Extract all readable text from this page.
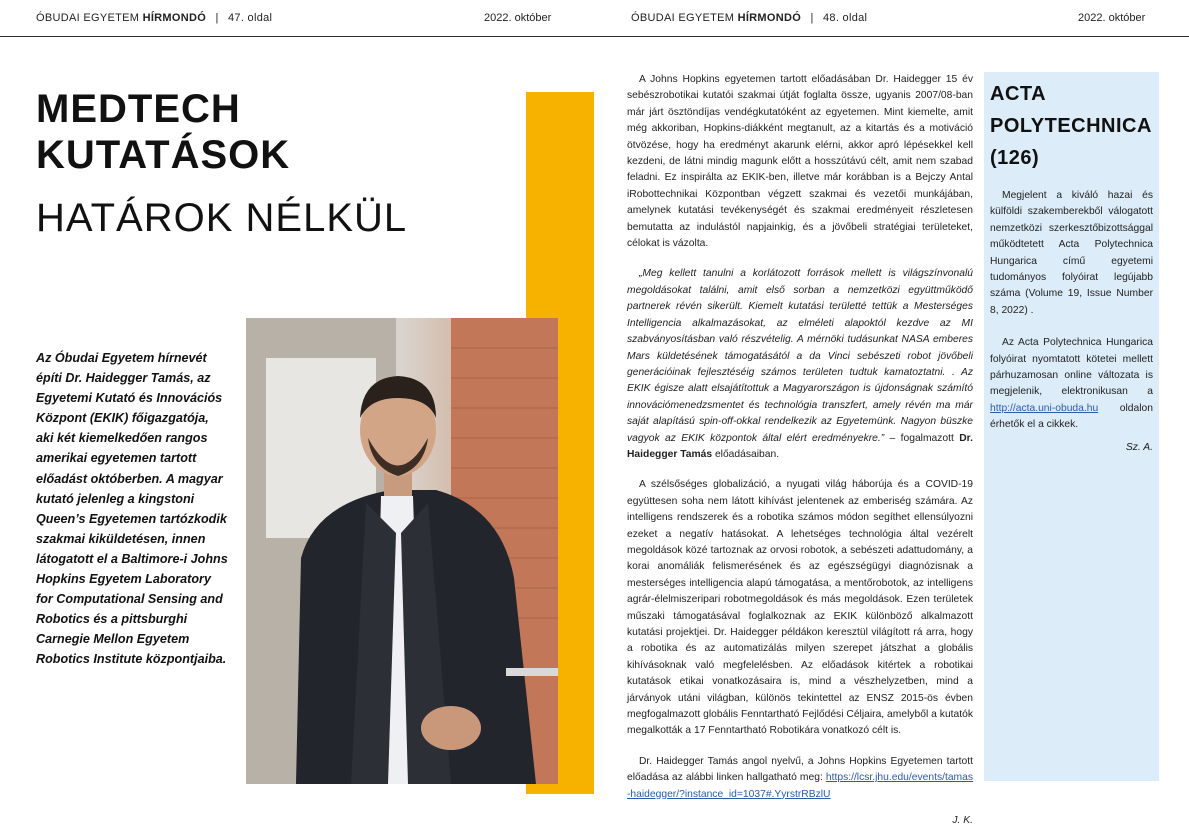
ÓBUDAI EGYETEM HÍRMONDÓ | 47. oldal	2022. október	ÓBUDAI EGYETEM HÍRMONDÓ | 48. oldal	2022. október
MEDTECH
KUTATÁSOK
HATÁROK NÉLKÜL
Az Óbudai Egyetem hírnevét építi Dr. Haidegger Tamás, az Egyetemi Kutató és Innovációs Központ (EKIK) főigazgatója, aki két kiemelkedően rangos amerikai egyetemen tartott előadást októberben. A magyar kutató jelenleg a kingstoni Queen’s Egyetemen tartózkodik szakmai kiküldetésen, innen látogatott el a Baltimore-i Johns Hopkins Egyetem Laboratory for Computational Sensing and Robotics és a pittsburghi Carnegie Mellon Egyetem Robotics Institute központjaiba.

A Johns Hopkins egyetemen tartott előadásában Dr. Haidegger 15 év sebészrobotikai kutatói szakmai útját foglalta össze, ugyanis 2007/08-ban már járt ösztöndíjas vendégkutatóként az egyetemen. Mint kiemelte, amit még akkoriban, Hopkins-diákként megtanult, az a kitartás és a motiváció ötvözése, hogy ha eredményt akarunk elérni, akkor apró lépésekkel kell kezdeni, de látni mindig magunk előtt a hosszútávú célt, amit nem szabad feladni. Ez inspirálta az EKIK-ben, illetve már korábban is a Bejczy Antal iRobottechnikai Központban végzett szakmai és vezetői munkájában, amelynek kutatási tevékenységét és szakmai eredményeit részletesen bemutatta az indulástól napjainkig, és a jövőbeli stratégiai területeket, célokat is vázolta.

„Meg kellett tanulni a korlátozott források mellett is világszínvonalú megoldásokat találni, amit első sorban a nemzetközi együttműködő partnerek révén sikerült. Kiemelt kutatási területté tettük a Mesterséges Intelligencia alkalmazásokat, az elméleti alapoktól kezdve az MI szabványosításban való részvételig. A mérnöki tudásunkat NASA emberes Mars küldetésének támogatásától a da Vinci sebészeti robot jövőbeli generációinak fejlesztéséig számos területen tudtuk kamatoztatni. . Az EKIK égisze alatt elsajátítottuk a Magyarországon is újdonságnak számító innovációmenedzsmentet és technológia transzfert, amely révén ma már saját alapítású spin-off-okkal rendelkezik az Egyetemünk. Nagyon büszke vagyok az EKIK központok által elért eredményekre.” – fogalmazott Dr. Haidegger Tamás előadásaiban.

A szélsőséges globalizáció, a nyugati világ háborúja és a COVID-19 együttesen soha nem látott kihívást jelentenek az emberiség számára. Az intelligens rendszerek és a robotika számos módon segíthet ellensúlyozni ezeket a negatív hatásokat. A lehetséges technológia által vezérelt megoldások közé tartoznak az orvosi robotok, a sebészeti adattudomány, a korai anomáliák felismerésének és az egészségügyi diagnózisnak a mesterséges intelligencia alapú támogatása, a mentőrobotok, az intelligens agrár-élelmiszeripari robotmegoldások és más megoldások. Ezen területek műszaki támogatásával foglalkoznak az EKIK különböző alkalmazott kutatási projektjei. Dr. Haidegger példákon keresztül világított rá arra, hogy a robotika és az automatizálás milyen szerepet játszhat a globális kihívásoknak való megfelelésben. Az előadások kitértek a robotikai kutatások etikai vonatkozásaira is, mind a vészhelyzetben, mind a járványok utáni világban, különös tekintettel az ENSZ 2015-ös évben megfogalmazott globális Fenntartható Fejlődési Céljaira, amelyből a kutatók megalkották a 17 Fenntartható Robotikára vonatkozó célt is.

Dr. Haidegger Tamás angol nyelvű, a Johns Hopkins Egyetemen tartott előadása az alábbi linken hallgatható meg: https://lcsr.jhu.edu/events/tamas-haidegger/?instance_id=1037#.YyrstrRBzlU

J. K.
ACTA
POLYTECHNICA
(126)

Megjelent a kiváló hazai és külföldi szakemberekből válogatott nemzetközi szerkesztőbizottsággal működtetett Acta Polytechnica Hungarica című egyetemi tudományos folyóirat legújabb száma (Volume 19, Issue Number 8, 2022) .

Az Acta Polytechnica Hungarica folyóirat nyomtatott kötetei mellett párhuzamosan online változata is megjelenik, elektronikusan a http://acta.uni-obuda.hu oldalon érhetők el a cikkek.

Sz. A.
